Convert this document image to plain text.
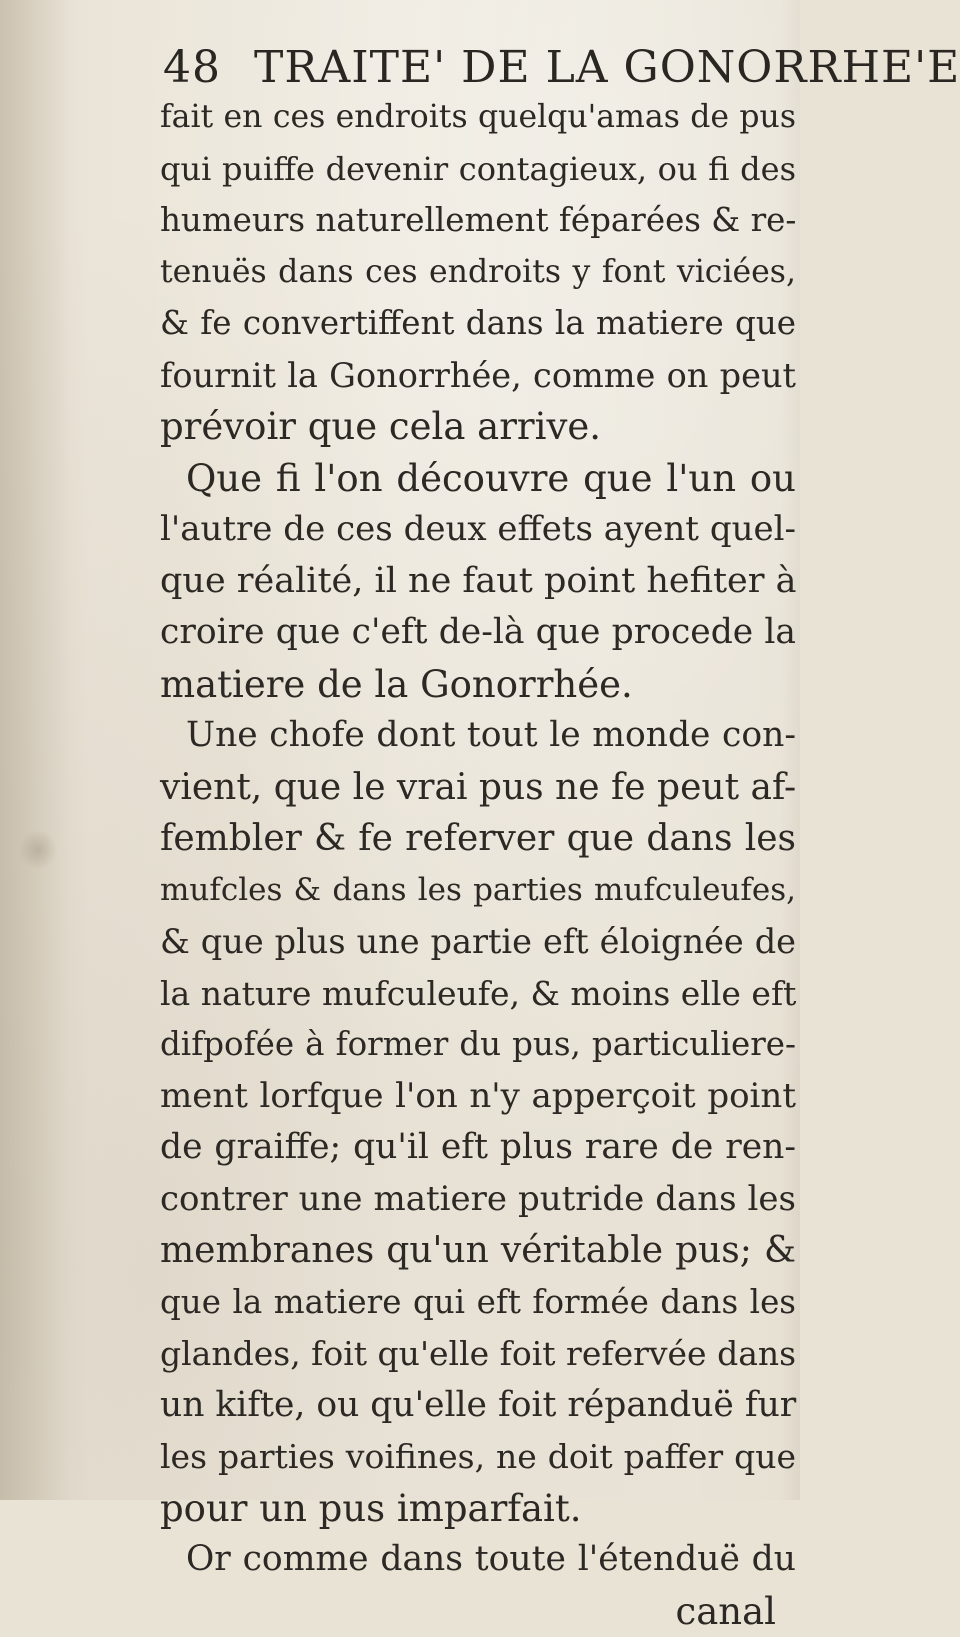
48 TRAITE' DE LA GONORRHE'E
fait en ces endroits quelqu'amas de pus
qui puiffe devenir contagieux, ou fi des
humeurs naturellement féparées & re-
tenuës dans ces endroits y font viciées,
& fe convertiffent dans la matiere que
fournit la Gonorrhée, comme on peut
prévoir que cela arrive.
Que fi l'on découvre que l'un ou
l'autre de ces deux effets ayent quel-
que réalité, il ne faut point hefiter à
croire que c'eft de-là que procede la
matiere de la Gonorrhée.
Une chofe dont tout le monde con-
vient, que le vrai pus ne fe peut af-
fembler & fe referver que dans les
mufcles & dans les parties mufculeufes,
& que plus une partie eft éloignée de
la nature mufculeufe, & moins elle eft
difpofée à former du pus, particuliere-
ment lorfque l'on n'y apperçoit point
de graiffe; qu'il eft plus rare de ren-
contrer une matiere putride dans les
membranes qu'un véritable pus; &
que la matiere qui eft formée dans les
glandes, foit qu'elle foit refervée dans
un kifte, ou qu'elle foit répanduë fur
les parties voifines, ne doit paffer que
pour un pus imparfait.
Or comme dans toute l'étenduë du
canal
